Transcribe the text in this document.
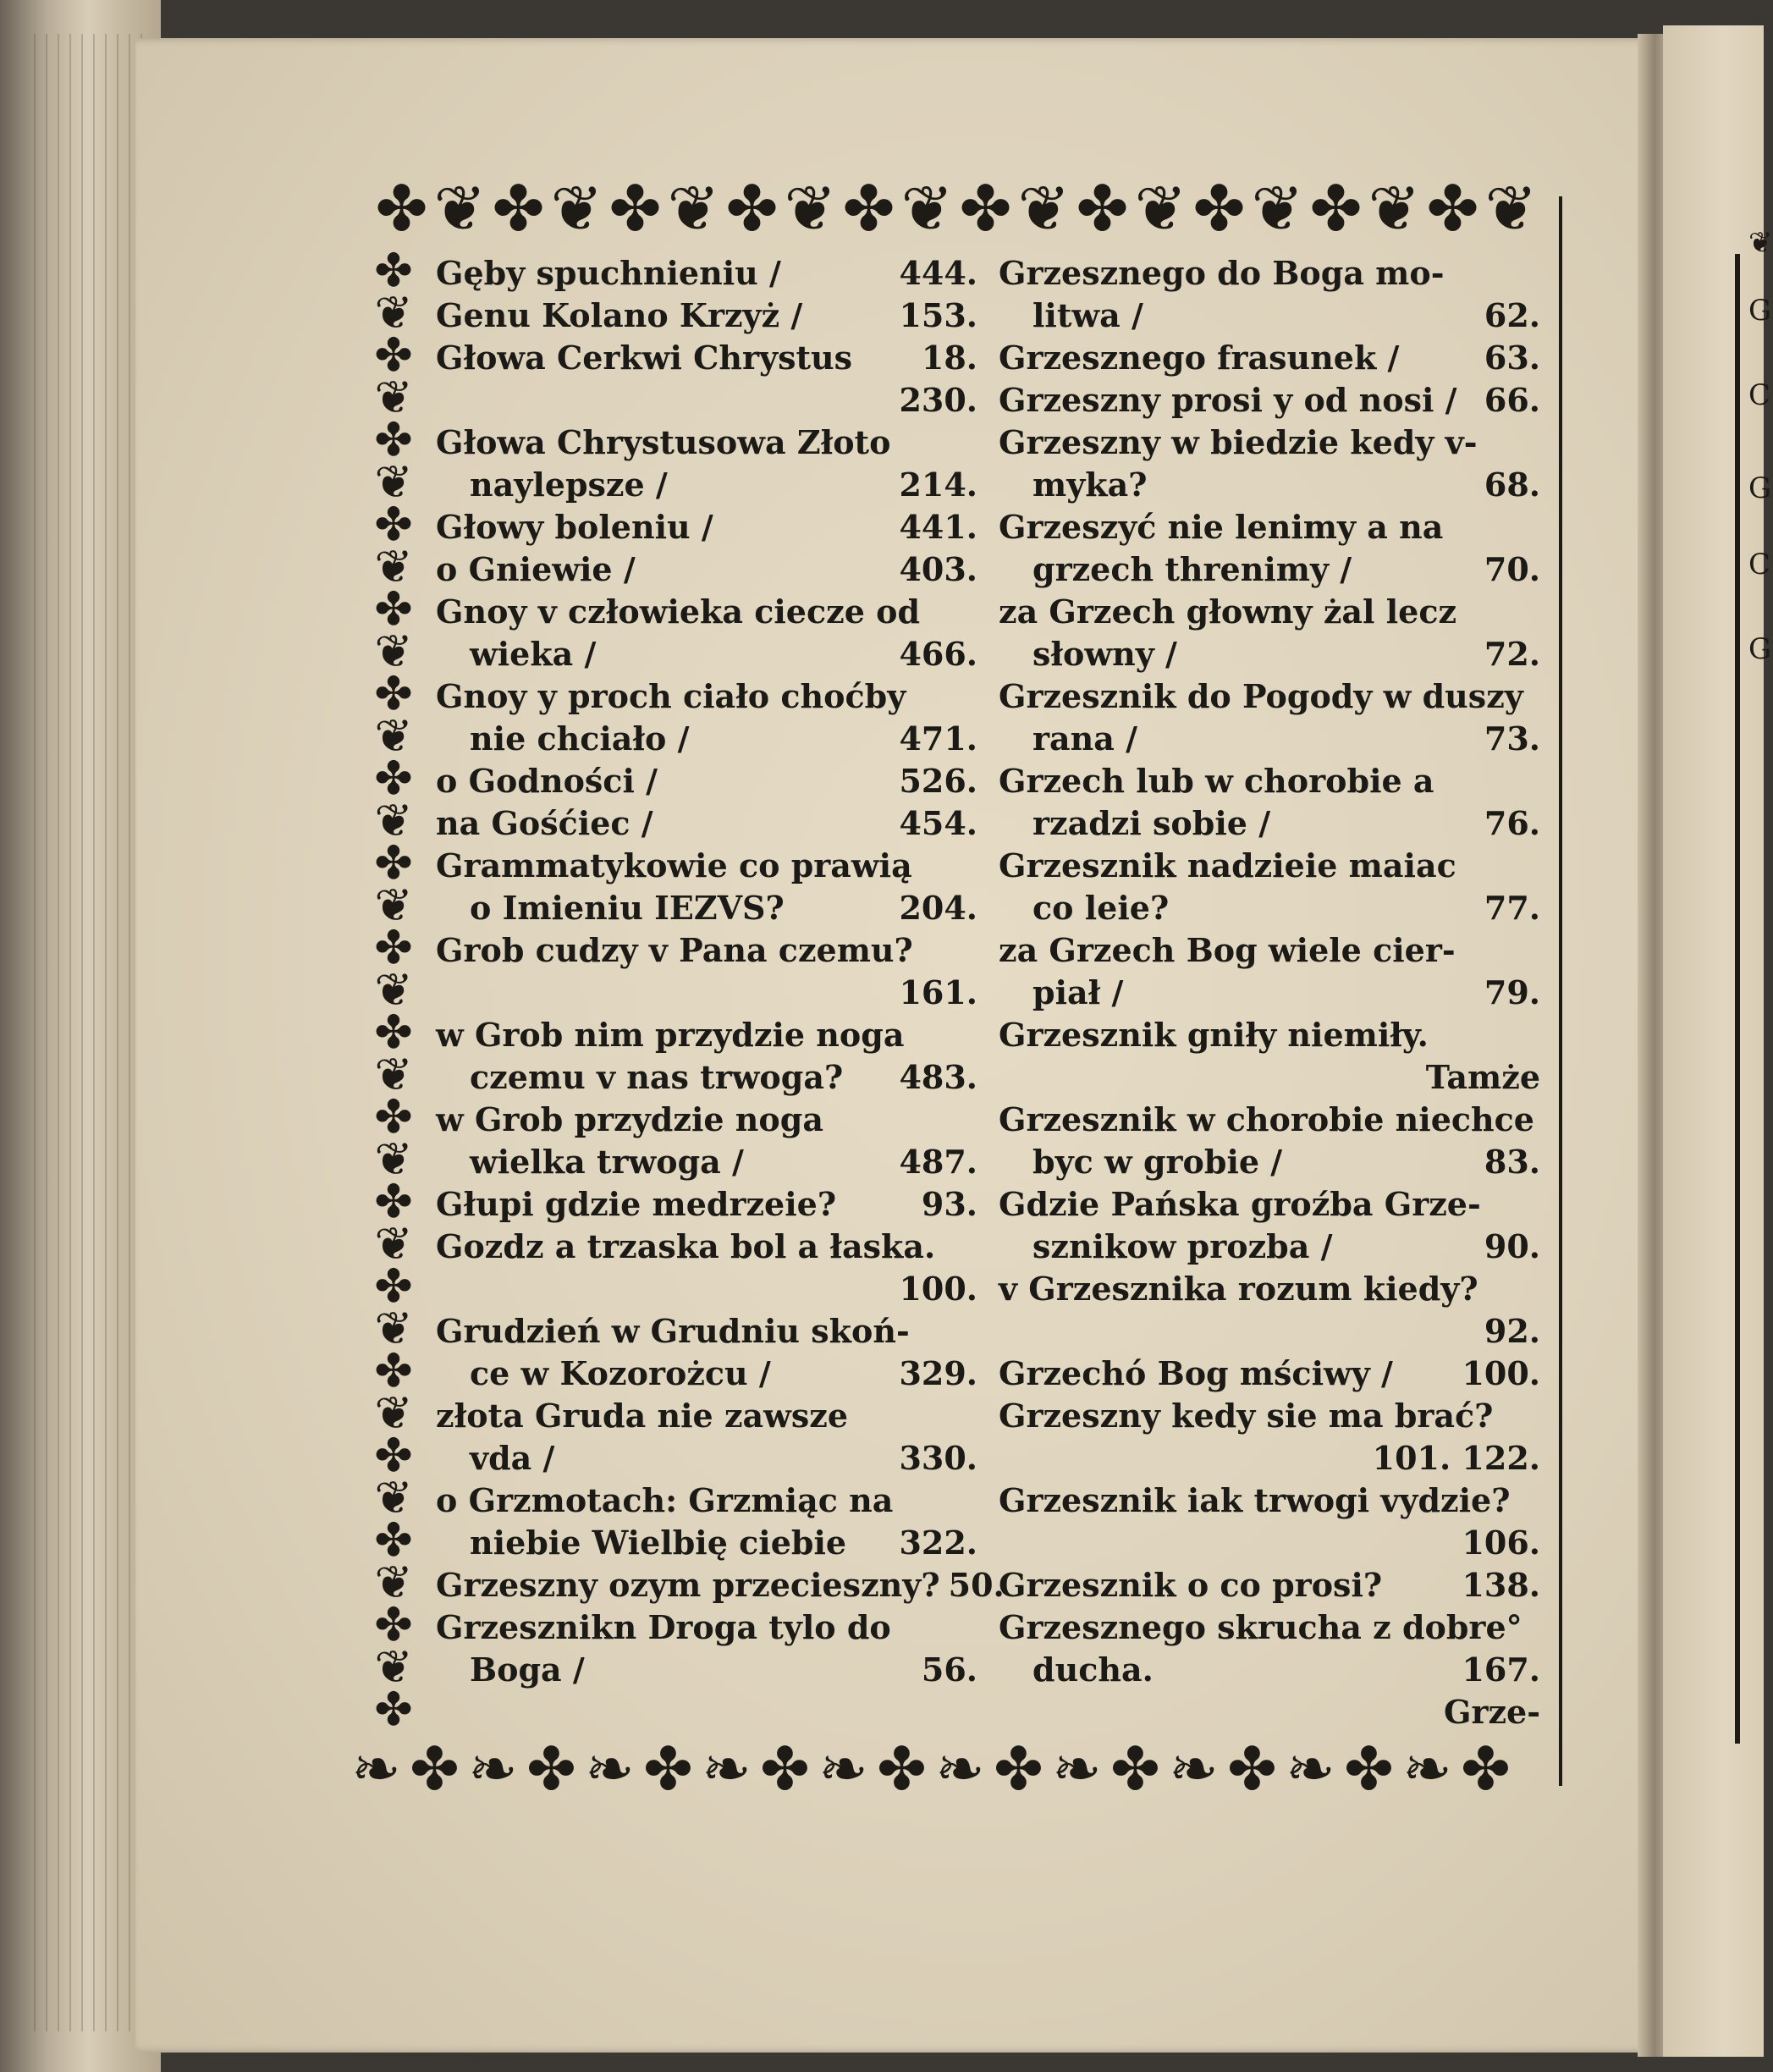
❦
G
C
G
C
G
✤ ❦ ✤ ❦ ✤ ❦ ✤ ❦ ✤ ❦ ✤ ❦ ✤ ❦ ✤ ❦ ✤ ❦ ✤ ❦
❧ ✤ ❧ ✤ ❧ ✤ ❧ ✤ ❧ ✤ ❧ ✤ ❧ ✤ ❧ ✤ ❧ ✤ ❧ ✤
✤
❦
✤
❦
✤
❦
✤
❦
✤
❦
✤
❦
✤
❦
✤
❦
✤
❦
✤
❦
✤
❦
✤
❦
✤
❦
✤
❦
✤
❦
✤
❦
✤
❦
✤
Gęby spuchnieniu /	444.
Genu Kolano Krzyż /	153.
Głowa Cerkwi Chrystus 18.
230.
Głowa Chrystusowa Złoto
naylepsze /	214.
Głowy boleniu /	441.
o Gniewie /	403.
Gnoy v człowieka ciecze od
wieka /	466.
Gnoy y proch ciało choćby
nie chciało /	471.
o Godności /	526.
na Gośćiec /	454.
Grammatykowie co prawią
o Imieniu IEZVS?	204.
Grob cudzy v Pana czemu?
161.
w Grob nim przydzie noga
czemu v nas trwoga? 483.
w Grob przydzie noga
wielka trwoga /	487.
Głupi gdzie medrzeie?	93.
Gozdz a trzaska bol a łaska.
100.
Grudzień w Grudniu skoń-
ce w Kozorożcu /	329.
złota Gruda nie zawsze
vda /	330.
o Grzmotach: Grzmiąc na
niebie Wielbię ciebie 322.
Grzeszny ozym przecieszny? 50.
Grzesznikn Droga tylo do
Boga /	56.
Grzesznego do Boga mo-
litwa /	62.
Grzesznego frasunek /	63.
Grzeszny prosi y od nosi / 66.
Grzeszny w biedzie kedy v-
myka?	68.
Grzeszyć nie lenimy a na
grzech threnimy /	70.
za Grzech głowny żal lecz
słowny /	72.
Grzesznik do Pogody w duszy
rana /	73.
Grzech lub w chorobie a
rzadzi sobie /	76.
Grzesznik nadzieie maiac
co leie?	77.
za Grzech Bog wiele cier-
piał /	79.
Grzesznik gniły niemiły.
Tamże
Grzesznik w chorobie niechce
byc w grobie /	83.
Gdzie Pańska groźba Grze-
sznikow prozba /	90.
v Grzesznika rozum kiedy?
92.
Grzechó Bog mściwy / 100.
Grzeszny kedy sie ma brać?
101. 122.
Grzesznik iak trwogi vydzie?
106.
Grzesznik o co prosi? 138.
Grzesznego skrucha z dobre°
ducha.	167.
Grze-
